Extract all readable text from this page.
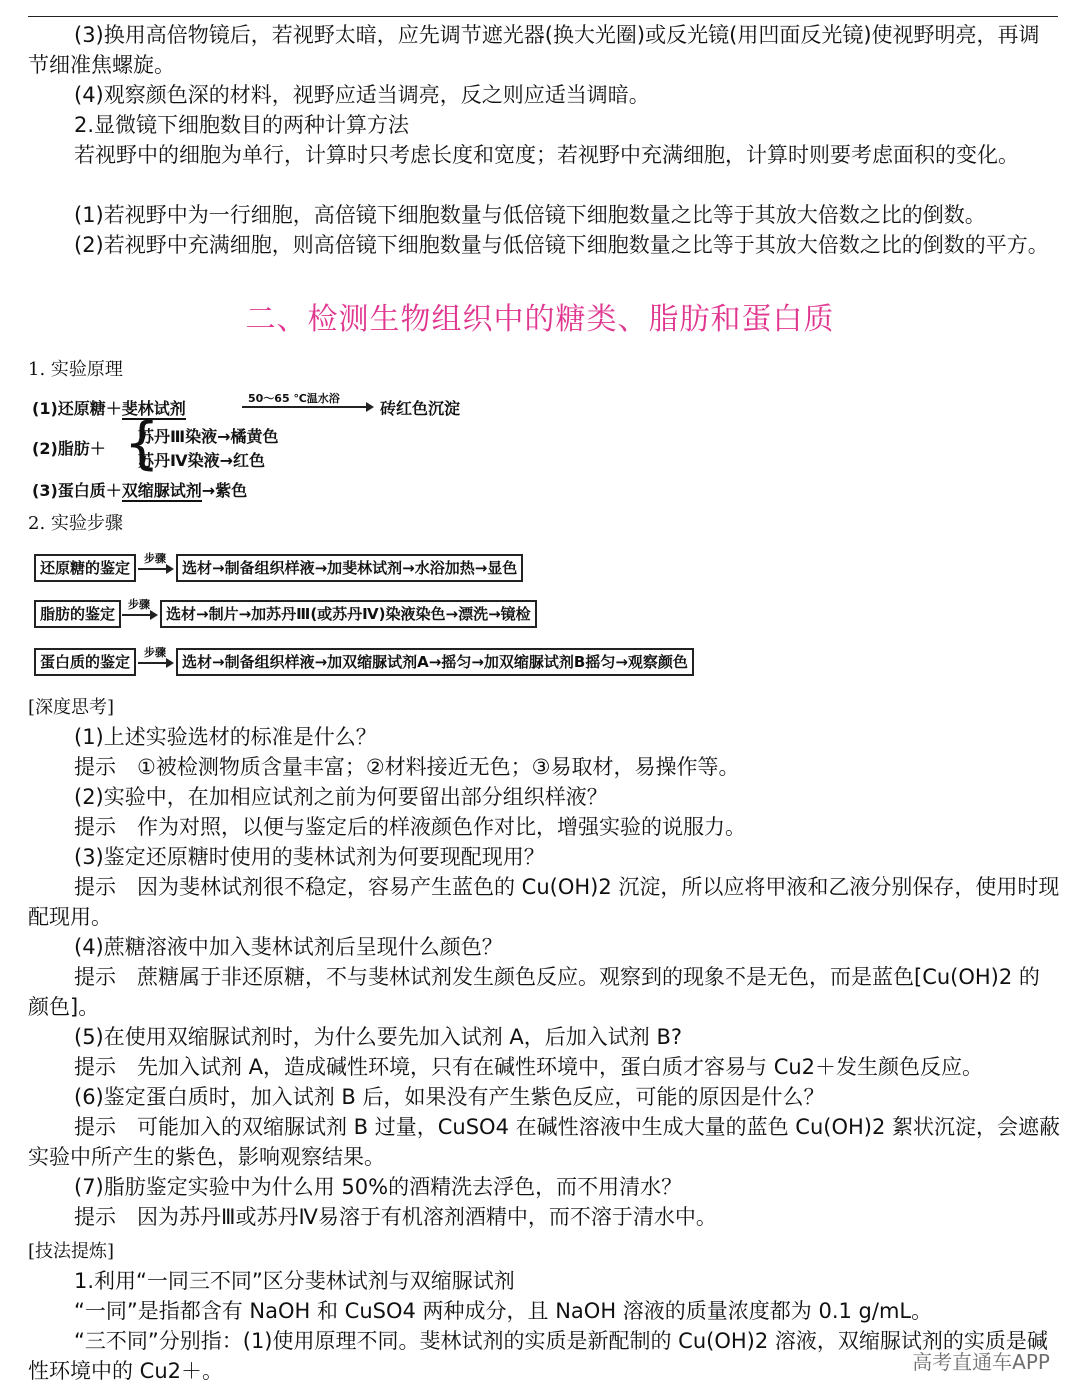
(3)换用高倍物镜后，若视野太暗，应先调节遮光器(换大光圈)或反光镜(用凹面反光镜)使视野明亮，再调节细准焦螺旋。

(4)观察颜色深的材料，视野应适当调亮，反之则应适当调暗。

2.显微镜下细胞数目的两种计算方法

若视野中的细胞为单行，计算时只考虑长度和宽度；若视野中充满细胞，计算时则要考虑面积的变化。

(1)若视野中为一行细胞，高倍镜下细胞数量与低倍镜下细胞数量之比等于其放大倍数之比的倒数。

(2)若视野中充满细胞，则高倍镜下细胞数量与低倍镜下细胞数量之比等于其放大倍数之比的倒数的平方。

二、检测生物组织中的糖类、脂肪和蛋白质
1. 实验原理
(1)还原糖＋斐林试剂
50～65 ℃温水浴
砖红色沉淀
(2)脂肪＋ {
苏丹Ⅲ染液→橘黄色
苏丹Ⅳ染液→红色
(3)蛋白质＋双缩脲试剂→紫色
2. 实验步骤
还原糖的鉴定
步骤
选材→制备组织样液→加斐林试剂→水浴加热→显色
脂肪的鉴定
步骤
选材→制片→加苏丹Ⅲ(或苏丹Ⅳ)染液染色→漂洗→镜检
蛋白质的鉴定
步骤
选材→制备组织样液→加双缩脲试剂A→摇匀→加双缩脲试剂B摇匀→观察颜色
[深度思考]

(1)上述实验选材的标准是什么？

提示　①被检测物质含量丰富；②材料接近无色；③易取材，易操作等。

(2)实验中，在加相应试剂之前为何要留出部分组织样液？

提示　作为对照，以便与鉴定后的样液颜色作对比，增强实验的说服力。

(3)鉴定还原糖时使用的斐林试剂为何要现配现用？

提示　因为斐林试剂很不稳定，容易产生蓝色的 Cu(OH)2 沉淀，所以应将甲液和乙液分别保存，使用时现配现用。

(4)蔗糖溶液中加入斐林试剂后呈现什么颜色？

提示　蔗糖属于非还原糖，不与斐林试剂发生颜色反应。观察到的现象不是无色，而是蓝色[Cu(OH)2 的颜色]。

(5)在使用双缩脲试剂时，为什么要先加入试剂 A，后加入试剂 B?

提示　先加入试剂 A，造成碱性环境，只有在碱性环境中，蛋白质才容易与 Cu2＋发生颜色反应。

(6)鉴定蛋白质时，加入试剂 B 后，如果没有产生紫色反应，可能的原因是什么？

提示　可能加入的双缩脲试剂 B 过量，CuSO4 在碱性溶液中生成大量的蓝色 Cu(OH)2 絮状沉淀，会遮蔽实验中所产生的紫色，影响观察结果。

(7)脂肪鉴定实验中为什么用 50%的酒精洗去浮色，而不用清水？

提示　因为苏丹Ⅲ或苏丹Ⅳ易溶于有机溶剂酒精中，而不溶于清水中。

[技法提炼]

1.利用“一同三不同”区分斐林试剂与双缩脲试剂

“一同”是指都含有 NaOH 和 CuSO4 两种成分，且 NaOH 溶液的质量浓度都为 0.1 g/mL。

“三不同”分别指：(1)使用原理不同。斐林试剂的实质是新配制的 Cu(OH)2 溶液，双缩脲试剂的实质是碱性环境中的 Cu2＋。	高考直通车APP
